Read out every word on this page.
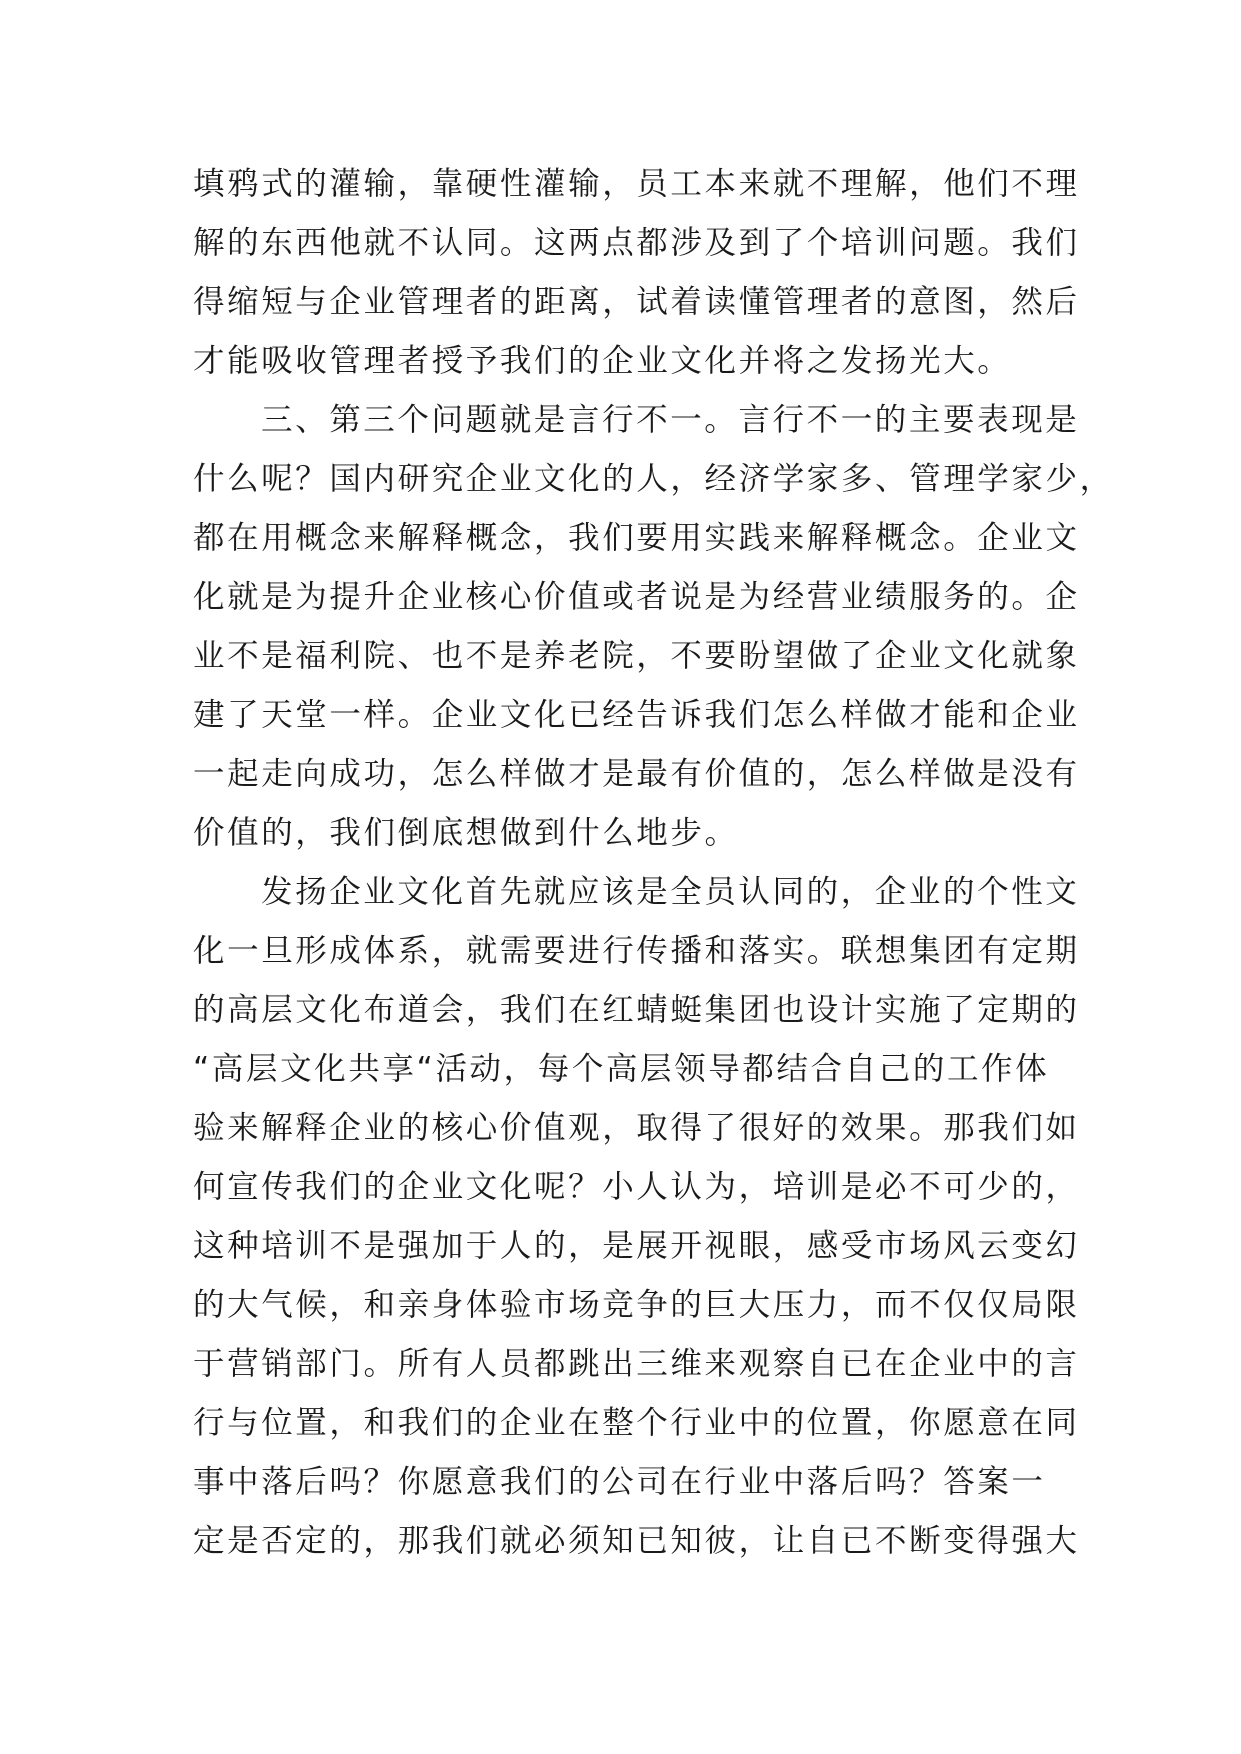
填鸦式的灌输，靠硬性灌输，员工本来就不理解，他们不理
解的东西他就不认同。这两点都涉及到了个培训问题。我们
得缩短与企业管理者的距离，试着读懂管理者的意图，然后
才能吸收管理者授予我们的企业文化并将之发扬光大。
三、第三个问题就是言行不一。言行不一的主要表现是
什么呢？国内研究企业文化的人，经济学家多、管理学家少，
都在用概念来解释概念，我们要用实践来解释概念。企业文
化就是为提升企业核心价值或者说是为经营业绩服务的。企
业不是福利院、也不是养老院，不要盼望做了企业文化就象
建了天堂一样。企业文化已经告诉我们怎么样做才能和企业
一起走向成功，怎么样做才是最有价值的，怎么样做是没有
价值的，我们倒底想做到什么地步。
发扬企业文化首先就应该是全员认同的，企业的个性文
化一旦形成体系，就需要进行传播和落实。联想集团有定期
的高层文化布道会，我们在红蜻蜓集团也设计实施了定期的
“高层文化共享“活动，每个高层领导都结合自己的工作体
验来解释企业的核心价值观，取得了很好的效果。那我们如
何宣传我们的企业文化呢？小人认为，培训是必不可少的，
这种培训不是强加于人的，是展开视眼，感受市场风云变幻
的大气候，和亲身体验市场竞争的巨大压力，而不仅仅局限
于营销部门。所有人员都跳出三维来观察自已在企业中的言
行与位置，和我们的企业在整个行业中的位置，你愿意在同
事中落后吗？你愿意我们的公司在行业中落后吗？答案一
定是否定的，那我们就必须知已知彼，让自已不断变得强大
